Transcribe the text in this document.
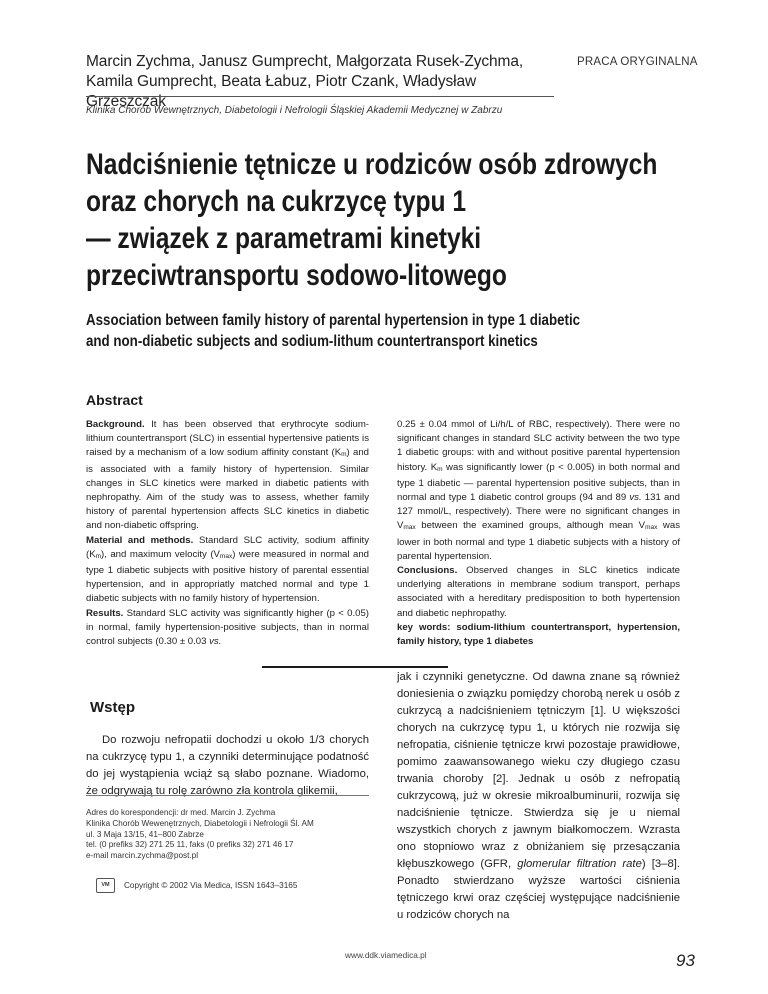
Marcin Zychma, Janusz Gumprecht, Małgorzata Rusek-Zychma,
Kamila Gumprecht, Beata Łabuz, Piotr Czank, Władysław Grzeszczak
PRACA ORYGINALNA
Klinika Chorób Wewnętrznych, Diabetologii i Nefrologii Śląskiej Akademii Medycznej w Zabrzu
Nadciśnienie tętnicze u rodziców osób zdrowych
oraz chorych na cukrzycę typu 1
— związek z parametrami kinetyki
przeciwtransportu sodowo-litowego
Association between family history of parental hypertension in type 1 diabetic
and non-diabetic subjects and sodium-lithum countertransport kinetics
Abstract

Background. It has been observed that erythrocyte sodium-lithium countertransport (SLC) in essential hypertensive patients is raised by a mechanism of a low sodium affinity constant $(K_m)$ and is associated with a family history of hypertension. Similar changes in SLC kinetics were marked in diabetic patients with nephropathy. Aim of the study was to assess, whether family history of parental hypertension affects SLC kinetics in diabetic and non-diabetic offspring.

Material and methods. Standard SLC activity, sodium affinity $(K_m)$, and maximum velocity $(V_{max})$ were measured in normal and type 1 diabetic subjects with positive history of parental essential hypertension, and in appropriatly matched normal and type 1 diabetic subjects with no family history of hypertension.

Results. Standard SLC activity was significantly higher (p < 0.05) in normal, family hypertension-positive subjects, than in normal control subjects (0.30 ± 0.03 vs.

0.25 ± 0.04 mmol of Li/h/L of RBC, respectively). There were no significant changes in standard SLC activity between the two type 1 diabetic groups: with and without positive parental hypertension history. $K_m$ was significantly lower (p < 0.005) in both normal and type 1 diabetic — parental hypertension positive subjects, than in normal and type 1 diabetic control groups (94 and 89 vs. 131 and 127 mmol/L, respectively). There were no significant changes in $V_{max}$ between the examined groups, although mean $V_{max}$ was lower in both normal and type 1 diabetic subjects with a history of parental hypertension.

Conclusions. Observed changes in SLC kinetics indicate underlying alterations in membrane sodium transport, perhaps associated with a hereditary predisposition to both hypertension and diabetic nephropathy.

key words: sodium-lithium countertransport, hypertension, family history, type 1 diabetes

Wstęp

Do rozwoju nefropatii dochodzi u około 1/3 chorych na cukrzycę typu 1, a czynniki determinujące podatność do jej wystąpienia wciąż są słabo poznane. Wiadomo, że odgrywają tu rolę zarówno zła kontrola glikemii,

Adres do korespondencji: dr med. Marcin J. Zychma
Klinika Chorób Wewenętrznych, Diabetologii i Nefrologii Śl. AM
ul. 3 Maja 13/15, 41–800 Zabrze
tel. (0 prefiks 32) 271 25 11, faks (0 prefiks 32) 271 46 17
e-mail marcin.zychma@post.pl
VM	Copyright © 2002 Via Medica, ISSN 1643–3165

jak i czynniki genetyczne. Od dawna znane są również doniesienia o związku pomiędzy chorobą nerek u osób z cukrzycą a nadciśnieniem tętniczym [1]. U większości chorych na cukrzycę typu 1, u których nie rozwija się nefropatia, ciśnienie tętnicze krwi pozostaje prawidłowe, pomimo zaawansowanego wieku czy długiego czasu trwania choroby [2]. Jednak u osób z nefropatią cukrzycową, już w okresie mikroalbuminurii, rozwija się nadciśnienie tętnicze. Stwierdza się je u niemal wszystkich chorych z jawnym białkomoczem. Wzrasta ono stopniowo wraz z obniżaniem się przesączania kłębuszkowego (GFR, glomerular filtration rate) [3–8]. Ponadto stwierdzano wyższe wartości ciśnienia tętniczego krwi oraz częściej występujące nadciśnienie u rodziców chorych na

www.ddk.viamedica.pl	93
